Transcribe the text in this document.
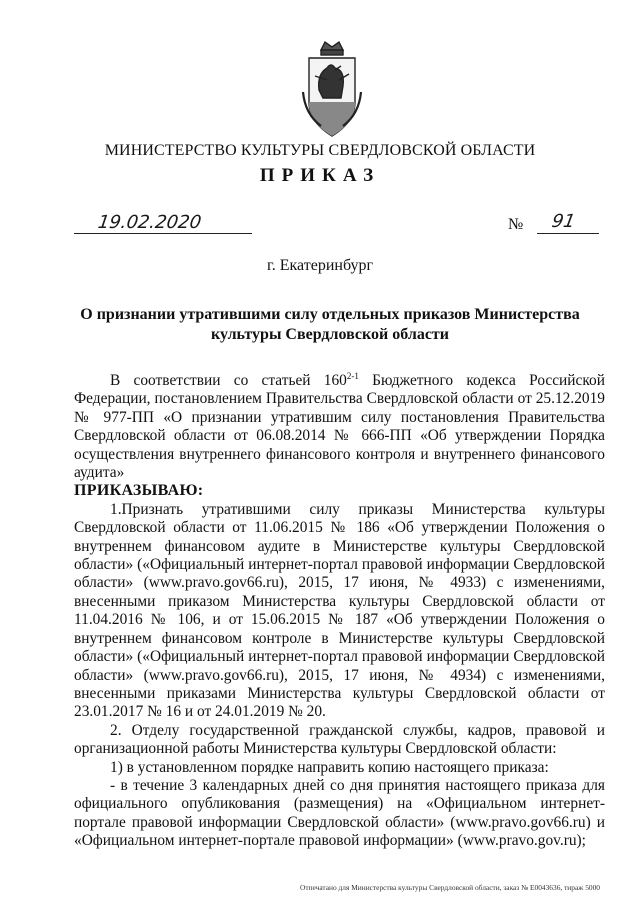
МИНИСТЕРСТВО КУЛЬТУРЫ СВЕРДЛОВСКОЙ ОБЛАСТИ
ПРИКАЗ
19.02.2020	№ 91
г. Екатеринбург
О признании утратившими силу отдельных приказов Министерства культуры Свердловской области

В соответствии со статьей 160$^{2-1}$ Бюджетного кодекса Российской Федерации, постановлением Правительства Свердловской области от 25.12.2019 № 977-ПП «О признании утратившим силу постановления Правительства Свердловской области от 06.08.2014 № 666-ПП «Об утверждении Порядка осуществления внутреннего финансового контроля и внутреннего финансового аудита»

ПРИКАЗЫВАЮ:

1.Признать утратившими силу приказы Министерства культуры Свердловской области от 11.06.2015 № 186 «Об утверждении Положения о внутреннем финансовом аудите в Министерстве культуры Свердловской области» («Официальный интернет-портал правовой информации Свердловской области» (www.pravo.gov66.ru), 2015, 17 июня, № 4933) с изменениями, внесенными приказом Министерства культуры Свердловской области от 11.04.2016 № 106, и от 15.06.2015 № 187 «Об утверждении Положения о внутреннем финансовом контроле в Министерстве культуры Свердловской области» («Официальный интернет-портал правовой информации Свердловской области» (www.pravo.gov66.ru), 2015, 17 июня, № 4934) с изменениями, внесенными приказами Министерства культуры Свердловской области от 23.01.2017 № 16 и от 24.01.2019 № 20.

2. Отделу государственной гражданской службы, кадров, правовой и организационной работы Министерства культуры Свердловской области:

1) в установленном порядке направить копию настоящего приказа:

- в течение 3 календарных дней со дня принятия настоящего приказа для официального опубликования (размещения) на «Официальном интернет-портале правовой информации Свердловской области» (www.pravo.gov66.ru) и «Официальном интернет-портале правовой информации» (www.pravo.gov.ru);

Отпечатано для Министерства культуры Свердловской области, заказ № Е0043636, тираж 5000
